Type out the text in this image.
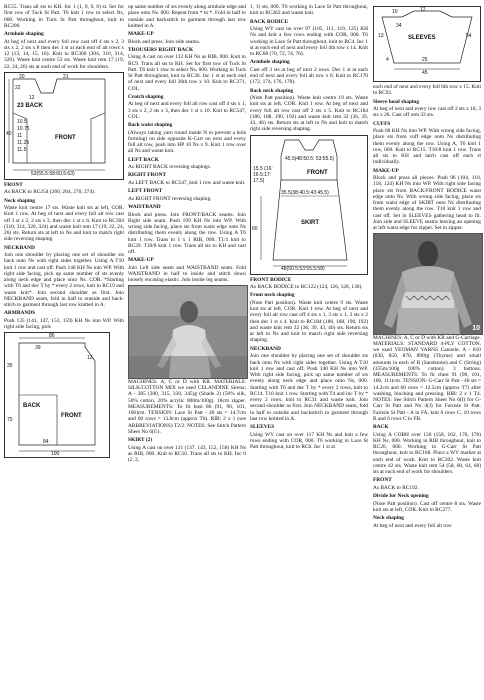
RC55. Trans all sts to KH. Inc 1 (1, 0, 0, 0) st. Set for first row of Tuck St Patt. T6 knit 1 row to select Ns, 000. Working in Tuck St Patt throughout, knit to RC200.

Armhole shaping

At beg of next and every foll row cast off 4 sts x 2, 3 sts x 2, 2 sts x 8 then dec 1 st at each end of alt rows x 12 (13, 14, 15, 16). Knit to RC300 (304, 310, 314, 320). Waste knit centre 53 sts. Waste knit rem 17 (19, 22, 24, 26) sts at each end of work for shoulders.

20	21
22
12
23 BACK
40
10.5
10.75
11
11.25
11.5
FRONT
53(55.5:58:60.5:63)

FRONT

As BACK to RC254 (260, 264, 270, 274).

Neck shaping

Waste knit centre 17 sts. Waste knit sts at left, COR. Knit 1 row. At beg of next and every foll alt row cast off 3 st x 2, 2 sts x 3, then dec 1 st x 6. Knit to RC304 (310, 314, 320, 324) and waste knit rem 17 (19, 22, 24, 26) sts. Return sts at left to Ns and knit to match right side reversing shaping.

NECKBAND

Join one shoulder by placing one set of shoulder sts back onto Ns with right sides together. Using A T10 knit 1 row and cast off. Push 140 KH Ns into WP. With right side facing, pick up same number of sts evenly along neck edge and place onto Ns. COR. *Starting with T6 and dec T by * every 2 rows, knit to RC19 and waste knit*. Join second shoulder as first. Join NECKBAND seam, fold in half to outside and back-stitch to garment through last row knitted in A.

ARMBANDS

Push 135 (141, 147, 153, 159) KH Ns into WP. With right side facing, pick

86
39
35
12
BACK
FRONT
75
84
100

up same number of sts evenly along armhole edge and place onto Ns. 000. Repeat from * to *. Fold in half to outside and backstitch to garment through last row knitted in A.

MAKE-UP

Block and press. Join side seams.

TROUSERS RIGHT BACK

Using A cast on over 112 KH Ns as RIB, 000. Knit to RC9. Trans all sts to KH. Set for first row of Tuck St Patt. T6 knit 1 row to select Ns, 000. Working in Tuck St Patt throughout, knit to RC36. Inc 1 st at each end of next and every foll 36th row x 10. Knit to RC371, COL.

Crotch shaping

At beg of next and every foll alt row cast off 4 sts x 1, 3 sts x 2, 2 sts x 3, then dec 1 st x 10. Knit to RC547, COL.

Back waist shaping

(Always taking yarn round inside N to prevent a hole forming) on side opposite K-Carr on next and every foll alt row, push into HP 10 Ns x 9. Knit 1 row over all Ns and waste knit.

LEFT BACK

As RIGHT BACK reversing shapings.

RIGHT FRONT

As LEFT BACK to RC547, knit 1 row and waste knit.

LEFT FRONT

As RIGHT FRONT reversing shaping.

WAISTBAND

Block and press. Join FRONT/BACK seams. Join Right side seam. Push 199 KH Ns into WP. With wrong side facing, place sts from waist edge onto Ns distributing them evenly along the row. Using A T6 knit 1 row. Trans to 1 x 1 RIB, 000. T1/1 knit to RC29. T10/8 knit 1 row. Trans all sts to KH and cast off.

MAKE-UP

Join Left side seam and WAISTBAND seam. Fold WAISTBAND in half to inside and stitch down loosely encasing elastic. Join inside leg seams.

MACHINES: A, C or D with KR. MATERIALS: SILK/COTTON MIX we used CELANDINE Sirena; A - 285 (300, 315, 330, 345)g (Shade 2) (50% silk, 50% cotton, 20% acrylic 800m/100g). 18cm zipper. MEASUREMENTS: To fit bust 86 (91, 96, 101, 106)cm. TENSION: Lace St Patt - 40 sts = 14.7cm and 60 rows = 13.8cm (approx T6). RIB: 2 x 1 (see ABBREVIATIONS) T2/2. NOTES: See Stitch Pattern Sheet No 6(G).

SKIRT (2)

Using A cast on over 131 (137, 143, 152, 158) KH Ns as RIB, 000. Knit to RC10. Trans all sts to KH. Inc 0 (2, 2,

1, 1) sts, 000. T6 working in Lace St Patt throughout, knit to RC262 and waste knit.

BACK BODICE

Using WY cast on over 97 (105, 111, 119, 125) KH Ns and knit a few rows ending with COR, 000. T6 working in Lace St Patt throughout, knit to RC4. Inc 1 st at each end of next and every foll 4th row x 14. Knit to RC68 (70, 72, 74, 76).

Armhole shaping

Cast off 3 sts at beg of next 2 rows. Dec 1 st at each end of next and every foll alt row x 8. Knit to RC170 (172, 174, 176, 178).

Back neck shaping

(Note Patt position). Waste knit centre 19 sts. Waste knit sts at left, COR. Knit 1 row. At beg of next and every foll alt row cast off 2 sts x 5. Knit to RC184 (186, 188, 190, 192) and waste knit rem 32 (36, 39, 43, 46) sts. Return sts at left to Ns and knit to match right side reversing shaping.

45.5(48:50.5: 53:55.5)
FRONT
15.5 (16:
16.5:17:
17.5)
35.5(38:40.5:43:45.5)
SKIRT
60
48(50.5:53:55.5:58)

FRONT BODICE

As BACK BODICE to RC122 (124, 126, 128, 130).

Front neck shaping

(Note Patt position). Waste knit centre 9 sts. Waste knit sts at left, COR. Knit 1 row. At beg of next and every foll alt row cast off 4 sts x 1, 3 sts x 1, 2 sts x 2 then dec 1 st x 4. Knit to RC184 (186, 188, 190, 192) and waste knit rem 32 (36, 39, 43, 46) sts. Return sts at left to Ns and knit to match right side reversing shaping.

NECKBAND

Join one shoulder by placing one set of shoulder sts back onto Ns with right sides together. Using A T10 knit 1 row and cast off. Push 140 KH Ns into WP. With right side facing, pick up same number of sts evenly along neck edge and place onto Ns, 000. Starting with T6 and dec T by * every 2 rows, knit to RC14. T10 knit 1 row. Starting with T4 and inc T by * every 2 rows, knit to RC31 and waste knit. Join second shoulder as first. Join NECKBAND seam, fold in half to outside and backstitch to garment through last row knitted in A.

SLEEVES

Using WY cast on over 117 KH Ns and knit a few rows ending with COR, 000. T6 working in Lace St Patt throughout, knit to RC6. Inc 1 st at

10	12
34
13	54
SLEEVES
4	25
45

each end of next and every foll 6th row x 15. Knit to RC92.

Sleeve head shaping

At beg of next and every row cast off 2 sts x 18, 3 sts x 26. Cast off rem 33 sts.

CUFFS

Push 68 KH Ns into WP. With wrong side facing, place sts from cuff edge onto Ns distributing them evenly along the row. Using A, T6 knit 1 row, 000. Knit to RC15. T10/8 knit 1 row. Trans all sts to KH and latch cast off each st individually.

MAKE-UP

Block and press all pieces. Push 96 (104, 110, 118, 124) KH Ns into WP. With right side facing place sts from BACK/FRONT BODICE waist edge onto Ns. With wrong side facing, place sts from waist edge of SKIRT onto Ns distributing them evenly along the row. T10 knit 1 row and cast off. Set in SLEEVES gathering head to fit. Join side and SLEEVE seams leaving an opening at left waist edge for zipper. Set in zipper.

10

MACHINES: A, C or D with KR and G-Carriage. MATERIALS: STANDARD 4-PLY COTTON, we used YEOMAN YARNS Cannele; A - 810 (830, 850, 870, 890)g (Thyme) and small amounts in each of B (Sandstone) and C (String) (355m/100g 100% cotton). 3 buttons. MEASUREMENTS: To fit chest 91 (96, 101, 106, 111)cm. TENSION: G-Carr St Patt - 40 sts = 14.2cm and 60 rows = 12.5cm (approx T7) after washing, blocking and pressing. RIB: 2 x 1 T4. NOTES: See Stitch Pattern Sheet No 6(I) for G-Carr St Patt and No 4(J) for Fairisle St Patt. Fairisle St Patt - A in FA, knit 6 rows C, 10 rows B and 6 rows C in FB.

BACK

Using A COBH over 150 (158, 162, 170, 178) KH Ns, 000. Working in RIB throughout, knit to RC26, 000. Working in G-Carr St Patt throughout, knit to RC168. Place a WY marker at each end of work. Knit to RC302. Waste knit centre 42 sts. Waste knit rem 54 (58, 60, 64, 68) sts at each end of work for shoulders.

FRONT

As BACK to RC192.

Divide for Neck opening

(Note Patt position). Cast off centre 8 sts. Waste knit sts at left, COR. Knit to RC277.

Neck shaping

At beg of next and every foll alt row
